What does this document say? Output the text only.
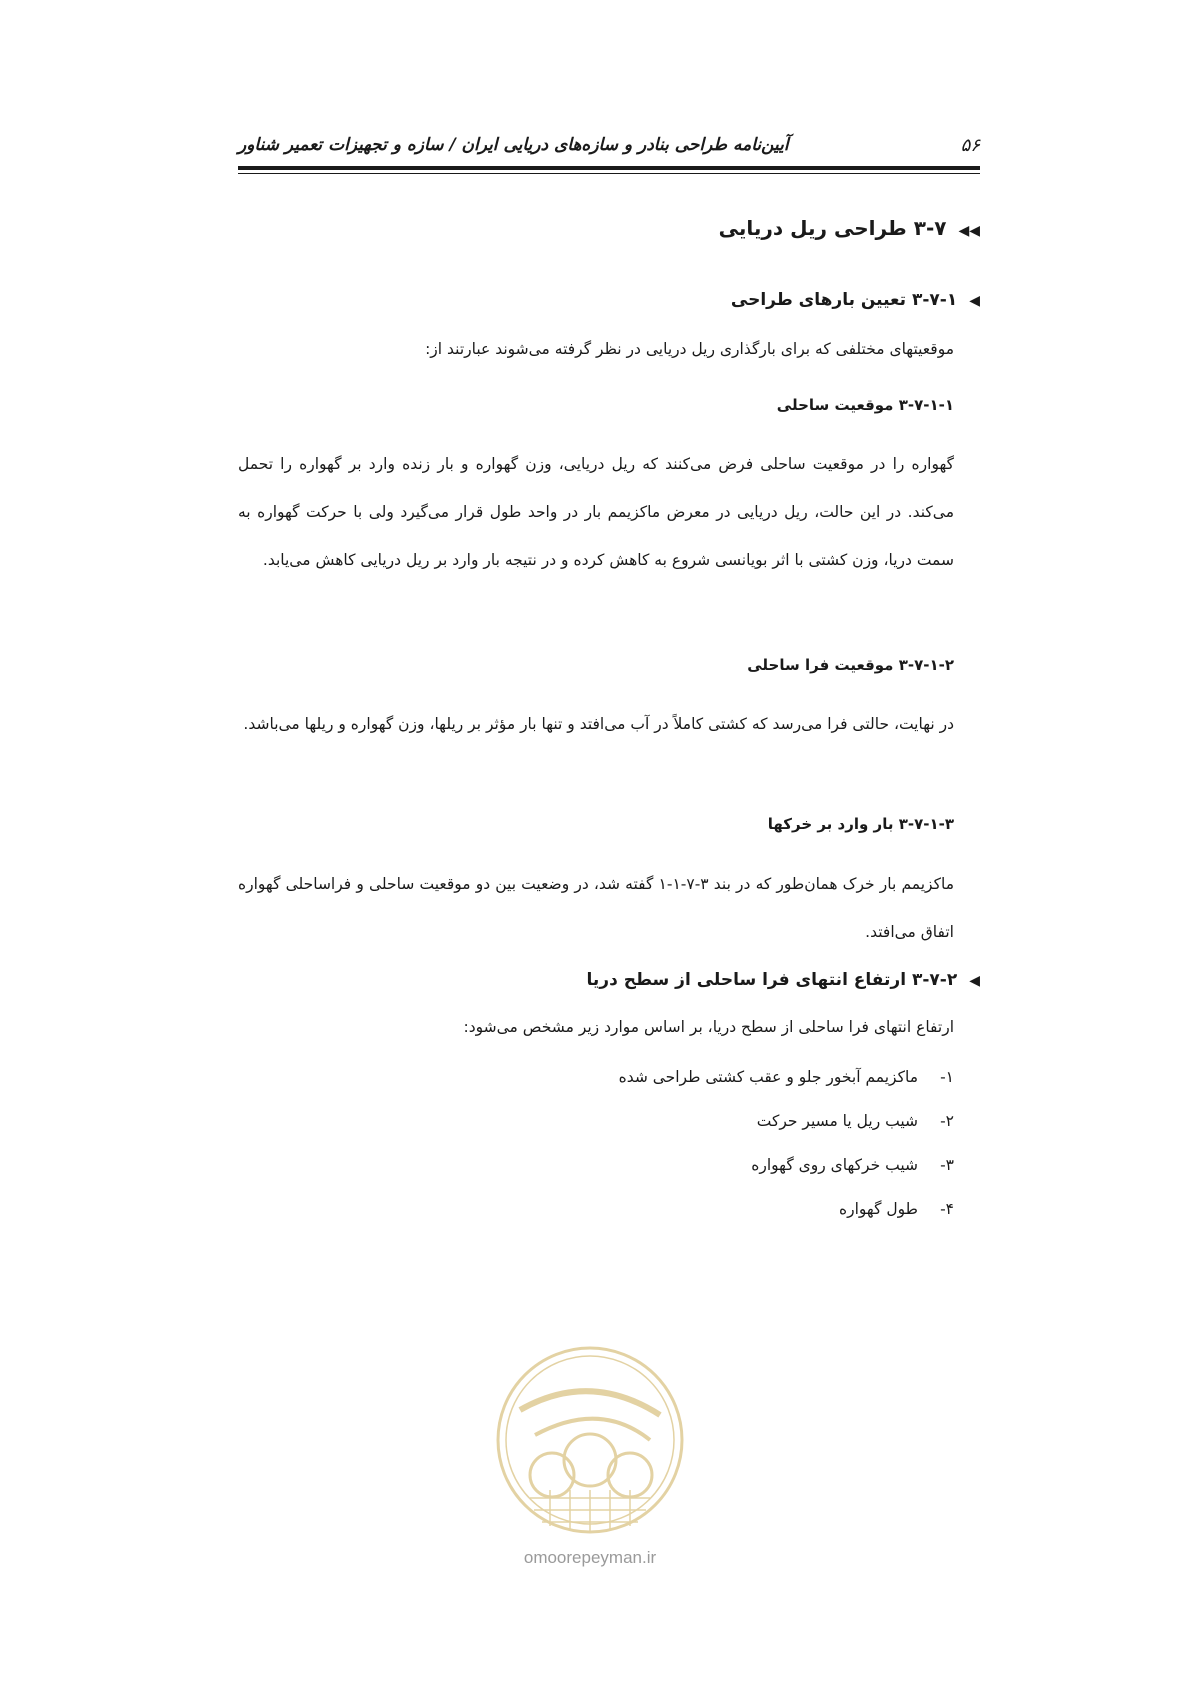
۵۶
آیین‌نامه طراحی بنادر و سازه‌های دریایی ایران / سازه و تجهیزات تعمیر شناور
◀◀۳-۷ طراحی ریل دریایی
◀۳-۷-۱ تعیین بارهای طراحی
موقعیتهای مختلفی که برای بارگذاری ریل دریایی در نظر گرفته می‌شوند عبارتند از:
۳-۷-۱-۱ موقعیت ساحلی
گهواره را در موقعیت ساحلی فرض می‌کنند که ریل دریایی، وزن گهواره و بار زنده وارد بر گهواره را تحمل می‌کند. در این حالت، ریل دریایی در معرض ماکزیمم بار در واحد طول قرار می‌گیرد ولی با حرکت گهواره به سمت دریا، وزن کشتی با اثر بویانسی شروع به کاهش کرده و در نتیجه بار وارد بر ریل دریایی کاهش می‌یابد.
۳-۷-۱-۲ موقعیت فرا ساحلی
در نهایت، حالتی فرا می‌رسد که کشتی کاملاً در آب می‌افتد و تنها بار مؤثر بر ریلها، وزن گهواره و ریلها می‌باشد.
۳-۷-۱-۳ بار وارد بر خرکها
ماکزیمم بار خرک همان‌طور که در بند ۳-۷-۱-۱ گفته شد، در وضعیت بین دو موقعیت ساحلی و فراساحلی گهواره اتفاق می‌افتد.
◀۳-۷-۲ ارتفاع انتهای فرا ساحلی از سطح دریا
ارتفاع انتهای فرا ساحلی از سطح دریا، بر اساس موارد زیر مشخص می‌شود:
۱-ماکزیمم آبخور جلو و عقب کشتی طراحی شده
۲-شیب ریل یا مسیر حرکت
۳-شیب خرکهای روی گهواره
۴-طول گهواره
omoorepeyman.ir
